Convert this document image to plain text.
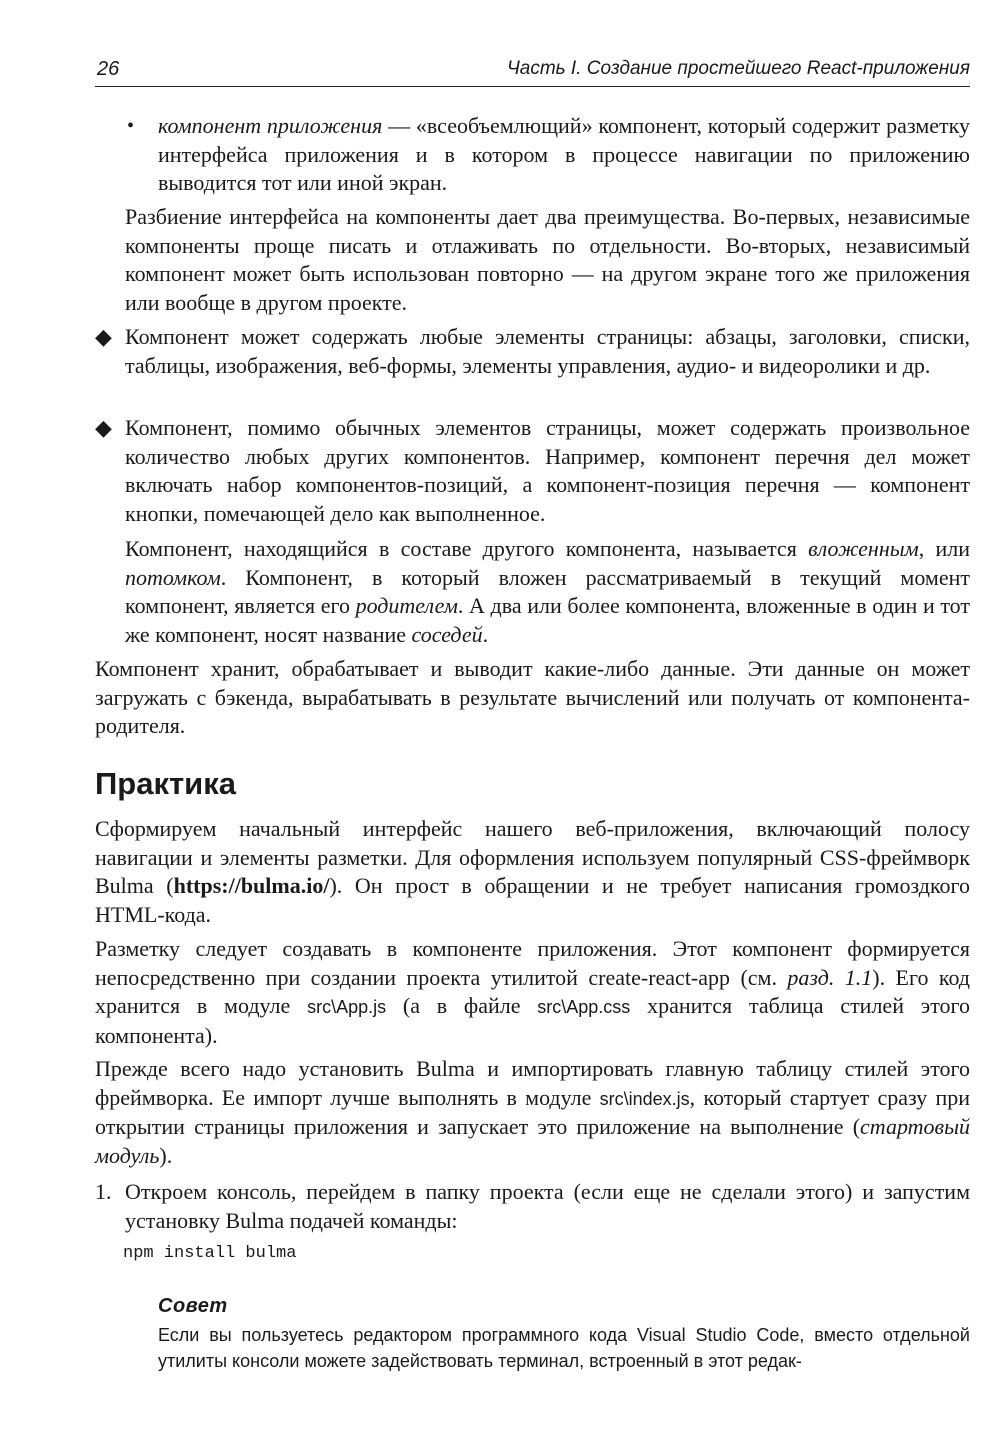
26	Часть I. Создание простейшего React-приложения
• компонент приложения — «всеобъемлющий» компонент, который содержит разметку интерфейса приложения и в котором в процессе навигации по приложению выводится тот или иной экран.
Разбиение интерфейса на компоненты дает два преимущества. Во-первых, независимые компоненты проще писать и отлаживать по отдельности. Во-вторых, независимый компонент может быть использован повторно — на другом экране того же приложения или вообще в другом проекте.
◆ Компонент может содержать любые элементы страницы: абзацы, заголовки, списки, таблицы, изображения, веб-формы, элементы управления, аудио- и видеоролики и др.
◆ Компонент, помимо обычных элементов страницы, может содержать произвольное количество любых других компонентов. Например, компонент перечня дел может включать набор компонентов-позиций, а компонент-позиция перечня — компонент кнопки, помечающей дело как выполненное.
Компонент, находящийся в составе другого компонента, называется вложенным, или потомком. Компонент, в который вложен рассматриваемый в текущий момент компонент, является его родителем. А два или более компонента, вложенные в один и тот же компонент, носят название соседей.
Компонент хранит, обрабатывает и выводит какие-либо данные. Эти данные он может загружать с бэкенда, вырабатывать в результате вычислений или получать от компонента-родителя.
Практика
Сформируем начальный интерфейс нашего веб-приложения, включающий полосу навигации и элементы разметки. Для оформления используем популярный CSS-фреймворк Bulma (https://bulma.io/). Он прост в обращении и не требует написания громоздкого HTML-кода.
Разметку следует создавать в компоненте приложения. Этот компонент формируется непосредственно при создании проекта утилитой create-react-app (см. разд. 1.1). Его код хранится в модуле src\App.js (а в файле src\App.css хранится таблица стилей этого компонента).
Прежде всего надо установить Bulma и импортировать главную таблицу стилей этого фреймворка. Ее импорт лучше выполнять в модуле src\index.js, который стартует сразу при открытии страницы приложения и запускает это приложение на выполнение (стартовый модуль).
1. Откроем консоль, перейдем в папку проекта (если еще не сделали этого) и запустим установку Bulma подачей команды:
npm install bulma
Совет
Если вы пользуетесь редактором программного кода Visual Studio Code, вместо отдельной утилиты консоли можете задействовать терминал, встроенный в этот редак-
